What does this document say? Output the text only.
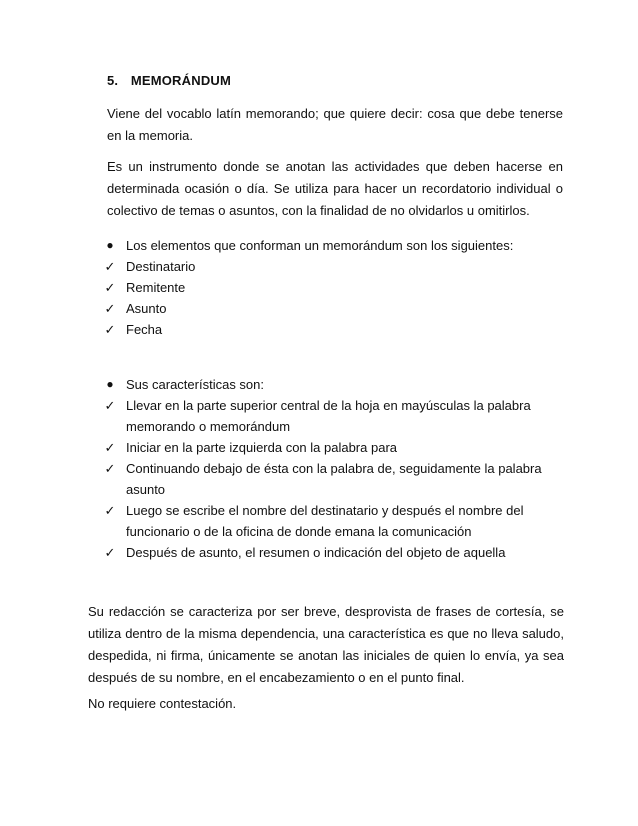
5. MEMORÁNDUM
Viene del vocablo latín memorando; que quiere decir: cosa que debe tenerse en la memoria.
Es un instrumento donde se anotan las actividades que deben hacerse en determinada ocasión o día. Se utiliza para hacer un recordatorio individual o colectivo de temas o asuntos, con la finalidad de no olvidarlos u omitirlos.
● Los elementos que conforman un memorándum son los siguientes:
✓ Destinatario
✓ Remitente
✓ Asunto
✓ Fecha
● Sus características son:
✓ Llevar en la parte superior central de la hoja en mayúsculas la palabra memorando o memorándum
✓ Iniciar en la parte izquierda con la palabra para
✓ Continuando debajo de ésta con la palabra de, seguidamente la palabra asunto
✓ Luego se escribe el nombre del destinatario y después el nombre del funcionario o de la oficina de donde emana la comunicación
✓ Después de asunto, el resumen o indicación del objeto de aquella
Su redacción se caracteriza por ser breve, desprovista de frases de cortesía, se utiliza dentro de la misma dependencia, una característica es que no lleva saludo, despedida, ni firma, únicamente se anotan las iniciales de quien lo envía, ya sea después de su nombre, en el encabezamiento o en el punto final.
No requiere contestación.
